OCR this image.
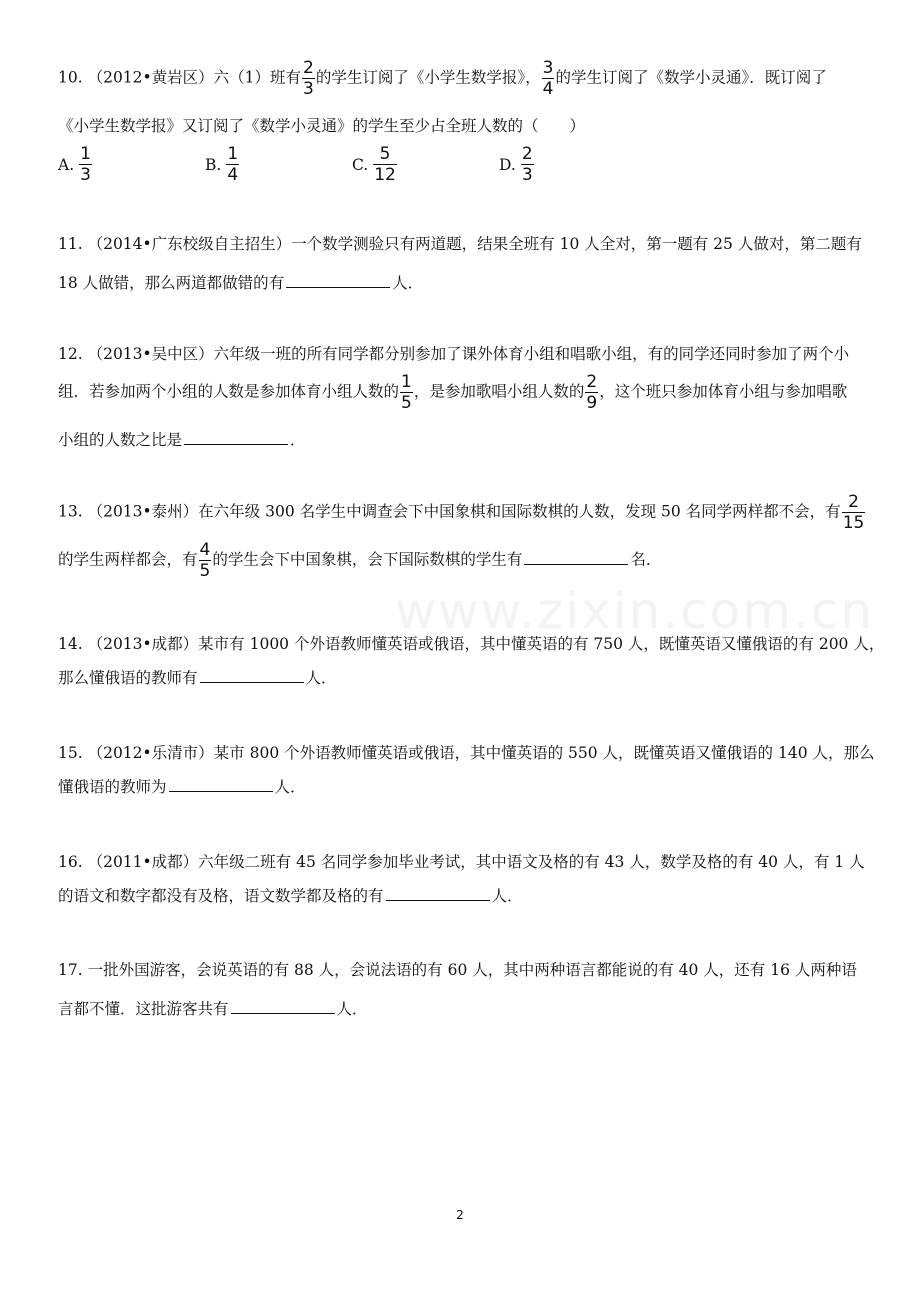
www.zixin.com.cn
10. （2012•黄岩区）六（1）班有 $\frac{2}{3}$ 的学生订阅了《小学生数学报》， $\frac{3}{4}$ 的学生订阅了《数学小灵通》．既订阅了
《小学生数学报》又订阅了《数学小灵通》的学生至少占全班人数的（　　）
A. $\frac{1}{3}$	B. $\frac{1}{4}$	C. $\frac{5}{12}$	D. $\frac{2}{3}$
11. （2014•广东校级自主招生）一个数学测验只有两道题，结果全班有 10 人全对，第一题有 25 人做对，第二题有
18 人做错，那么两道都做错的有	人．
12. （2013•吴中区）六年级一班的所有同学都分别参加了课外体育小组和唱歌小组，有的同学还同时参加了两个小
组．若参加两个小组的人数是参加体育小组人数的 $\frac{1}{5}$ ，是参加歌唱小组人数的 $\frac{2}{9}$ ，这个班只参加体育小组与参加唱歌
小组的人数之比是	．
13. （2013•泰州）在六年级 300 名学生中调查会下中国象棋和国际数棋的人数，发现 50 名同学两样都不会，有 $\frac{2}{15}$
的学生两样都会，有 $\frac{4}{5}$ 的学生会下中国象棋，会下国际数棋的学生有	名．
14. （2013•成都）某市有 1000 个外语教师懂英语或俄语，其中懂英语的有 750 人，既懂英语又懂俄语的有 200 人，
那么懂俄语的教师有	人．
15. （2012•乐清市）某市 800 个外语教师懂英语或俄语，其中懂英语的 550 人，既懂英语又懂俄语的 140 人，那么
懂俄语的教师为	人．
16. （2011•成都）六年级二班有 45 名同学参加毕业考试，其中语文及格的有 43 人，数学及格的有 40 人，有 1 人
的语文和数字都没有及格，语文数学都及格的有	人．
17. 一批外国游客，会说英语的有 88 人，会说法语的有 60 人，其中两种语言都能说的有 40 人，还有 16 人两种语
言都不懂．这批游客共有	人．
2
